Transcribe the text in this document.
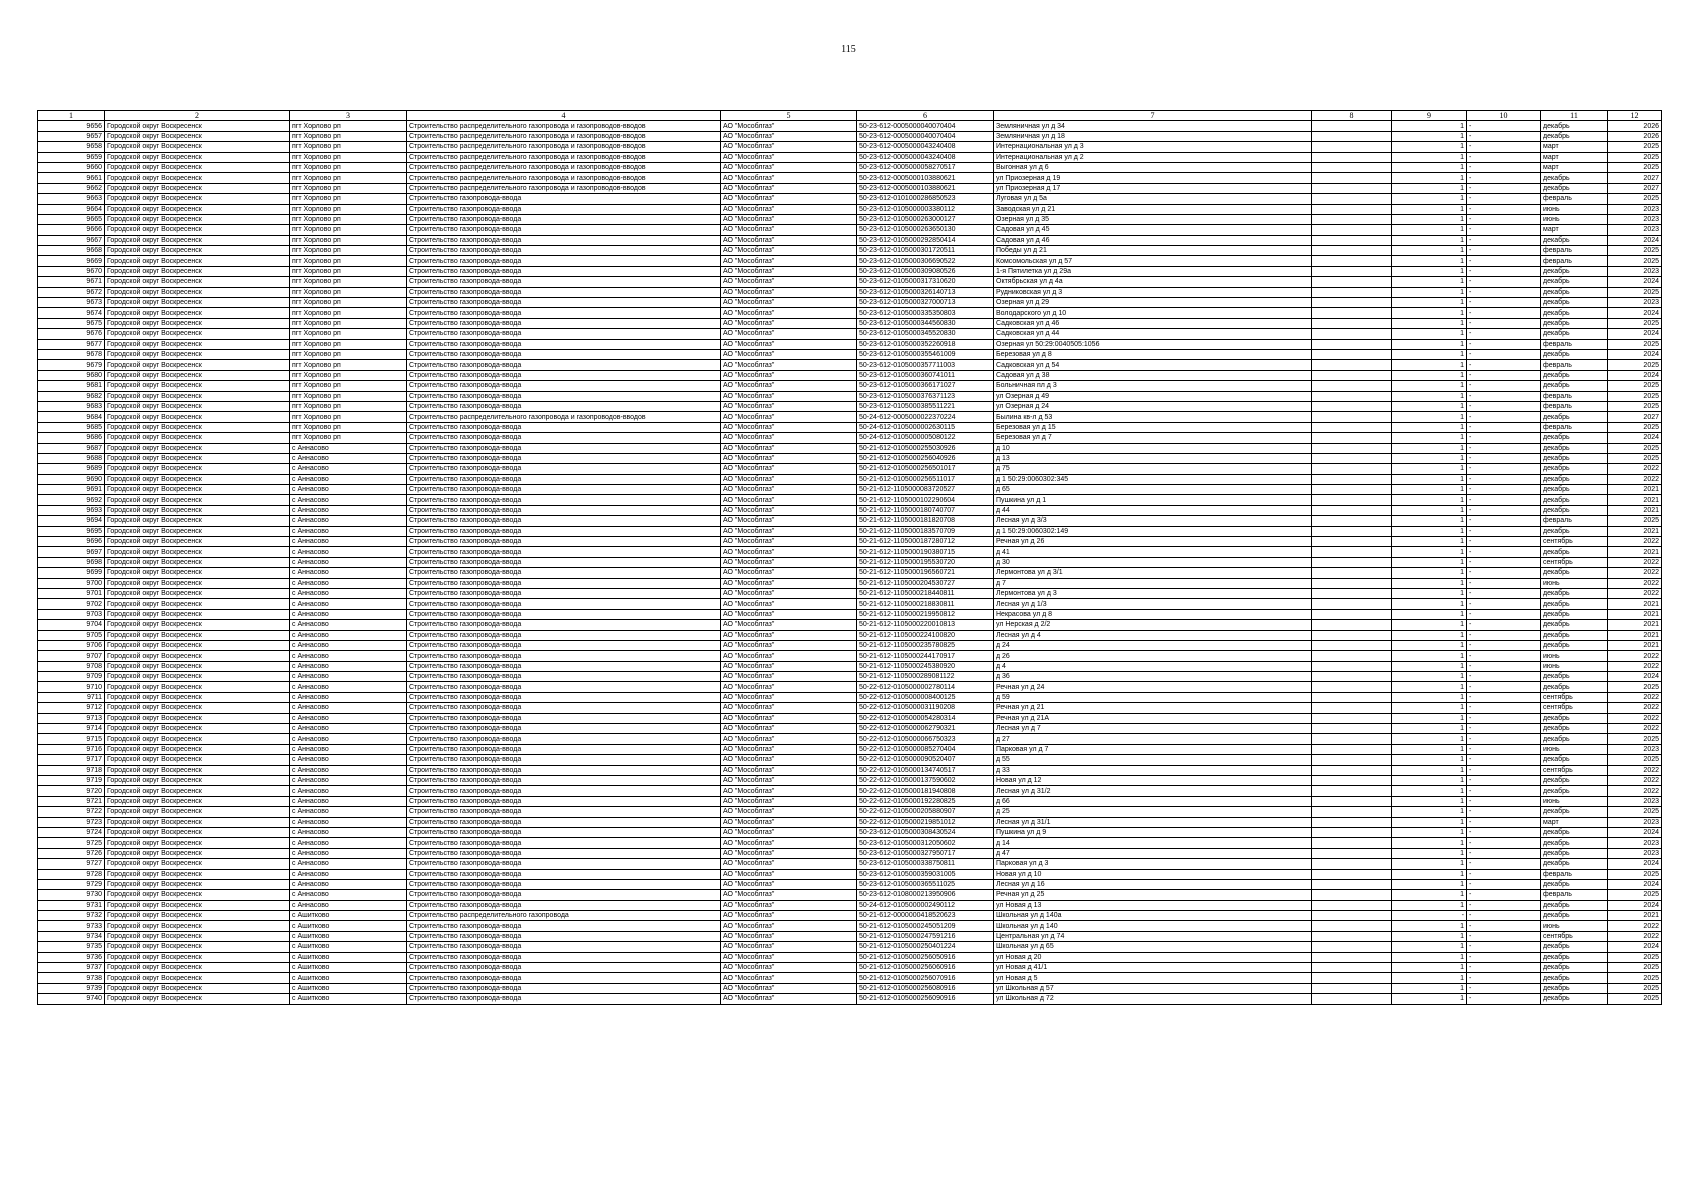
115
1	2	3	4	5	6	7	8	9	10	11	12
9656	Городской округ Воскресенск	пгт Хорлово рп	Строительство распределительного газопровода и газопроводов-вводов	АО "Мособлгаз"	50-23-612-0005000040070404	Земляничная ул д 34		1	-	декабрь	2026
9657	Городской округ Воскресенск	пгт Хорлово рп	Строительство распределительного газопровода и газопроводов-вводов	АО "Мособлгаз"	50-23-612-0005000040070404	Земляничная ул д 18		1	-	декабрь	2026
9658	Городской округ Воскресенск	пгт Хорлово рп	Строительство распределительного газопровода и газопроводов-вводов	АО "Мособлгаз"	50-23-612-0005000043240408	Интернациональная ул д 3		1	-	март	2025
9659	Городской округ Воскресенск	пгт Хорлово рп	Строительство распределительного газопровода и газопроводов-вводов	АО "Мособлгаз"	50-23-612-0005000043240408	Интернациональная ул д 2		1	-	март	2025
9660	Городской округ Воскресенск	пгт Хорлово рп	Строительство распределительного газопровода и газопроводов-вводов	АО "Мособлгаз"	50-23-612-0005000058270517	Выгонная ул д 6		1	-	март	2025
9661	Городской округ Воскресенск	пгт Хорлово рп	Строительство распределительного газопровода и газопроводов-вводов	АО "Мособлгаз"	50-23-612-0005000103880621	ул Приозерная д 19		1	-	декабрь	2027
9662	Городской округ Воскресенск	пгт Хорлово рп	Строительство распределительного газопровода и газопроводов-вводов	АО "Мособлгаз"	50-23-612-0005000103880621	ул Приозерная д 17		1	-	декабрь	2027
9663	Городской округ Воскресенск	пгт Хорлово рп	Строительство газопровода-ввода	АО "Мособлгаз"	50-23-612-0101000286850523	Луговая ул д 5а		1	-	февраль	2025
9664	Городской округ Воскресенск	пгт Хорлово рп	Строительство газопровода-ввода	АО "Мособлгаз"	50-23-612-0105000003380112	Заводская ул д 21		1	-	июнь	2023
9665	Городской округ Воскресенск	пгт Хорлово рп	Строительство газопровода-ввода	АО "Мособлгаз"	50-23-612-0105000263000127	Озерная ул д 35		1	-	июнь	2023
9666	Городской округ Воскресенск	пгт Хорлово рп	Строительство газопровода-ввода	АО "Мособлгаз"	50-23-612-0105000263650130	Садовая ул д 45		1	-	март	2023
9667	Городской округ Воскресенск	пгт Хорлово рп	Строительство газопровода-ввода	АО "Мособлгаз"	50-23-612-0105000292850414	Садовая ул д 46		1	-	декабрь	2024
9668	Городской округ Воскресенск	пгт Хорлово рп	Строительство газопровода-ввода	АО "Мособлгаз"	50-23-612-0105000301720511	Победы ул д 21		1	-	февраль	2025
9669	Городской округ Воскресенск	пгт Хорлово рп	Строительство газопровода-ввода	АО "Мособлгаз"	50-23-612-0105000306690522	Комсомольская ул д 57		1	-	февраль	2025
9670	Городской округ Воскресенск	пгт Хорлово рп	Строительство газопровода-ввода	АО "Мособлгаз"	50-23-612-0105000309080526	1-я Пятилетка ул д 29а		1	-	декабрь	2023
9671	Городской округ Воскресенск	пгт Хорлово рп	Строительство газопровода-ввода	АО "Мособлгаз"	50-23-612-0105000317310620	Октябрьская ул д 4а		1	-	декабрь	2024
9672	Городской округ Воскресенск	пгт Хорлово рп	Строительство газопровода-ввода	АО "Мособлгаз"	50-23-612-0105000326140713	Рудниковская ул д 3		1	-	декабрь	2025
9673	Городской округ Воскресенск	пгт Хорлово рп	Строительство газопровода-ввода	АО "Мособлгаз"	50-23-612-0105000327000713	Озерная ул д 29		1	-	декабрь	2023
9674	Городской округ Воскресенск	пгт Хорлово рп	Строительство газопровода-ввода	АО "Мособлгаз"	50-23-612-0105000335350803	Володарского ул д 10		1	-	декабрь	2024
9675	Городской округ Воскресенск	пгт Хорлово рп	Строительство газопровода-ввода	АО "Мособлгаз"	50-23-612-0105000344560830	Садковская ул д 46		1	-	декабрь	2025
9676	Городской округ Воскресенск	пгт Хорлово рп	Строительство газопровода-ввода	АО "Мособлгаз"	50-23-612-0105000345520830	Садковская ул д 44		1	-	декабрь	2024
9677	Городской округ Воскресенск	пгт Хорлово рп	Строительство газопровода-ввода	АО "Мособлгаз"	50-23-612-0105000352260918	Озерная ул 50:29:0040505:1056		1	-	февраль	2025
9678	Городской округ Воскресенск	пгт Хорлово рп	Строительство газопровода-ввода	АО "Мособлгаз"	50-23-612-0105000355461009	Березовая ул д 8		1	-	декабрь	2024
9679	Городской округ Воскресенск	пгт Хорлово рп	Строительство газопровода-ввода	АО "Мособлгаз"	50-23-612-0105000357711003	Садковская ул д 54		1	-	февраль	2025
9680	Городской округ Воскресенск	пгт Хорлово рп	Строительство газопровода-ввода	АО "Мособлгаз"	50-23-612-0105000360741011	Садовая ул д 38		1	-	декабрь	2024
9681	Городской округ Воскресенск	пгт Хорлово рп	Строительство газопровода-ввода	АО "Мособлгаз"	50-23-612-0105000366171027	Больничная пл д 3		1	-	декабрь	2025
9682	Городской округ Воскресенск	пгт Хорлово рп	Строительство газопровода-ввода	АО "Мособлгаз"	50-23-612-0105000376371123	ул Озерная д 49		1	-	февраль	2025
9683	Городской округ Воскресенск	пгт Хорлово рп	Строительство газопровода-ввода	АО "Мособлгаз"	50-23-612-0105000385511221	ул Озерная д 24		1	-	февраль	2025
9684	Городской округ Воскресенск	пгт Хорлово рп	Строительство распределительного газопровода и газопроводов-вводов	АО "Мособлгаз"	50-24-612-0005000022370224	Былина кв-л д 53		1	-	декабрь	2027
9685	Городской округ Воскресенск	пгт Хорлово рп	Строительство газопровода-ввода	АО "Мособлгаз"	50-24-612-0105000002630115	Березовая ул д 15		1	-	февраль	2025
9686	Городской округ Воскресенск	пгт Хорлово рп	Строительство газопровода-ввода	АО "Мособлгаз"	50-24-612-0105000005080122	Березовая ул д 7		1	-	декабрь	2024
9687	Городской округ Воскресенск	с Аннасово	Строительство газопровода-ввода	АО "Мособлгаз"	50-21-612-0105000255030926	д 10		1	-	декабрь	2025
9688	Городской округ Воскресенск	с Аннасово	Строительство газопровода-ввода	АО "Мособлгаз"	50-21-612-0105000256040926	д 13		1	-	декабрь	2025
9689	Городской округ Воскресенск	с Аннасово	Строительство газопровода-ввода	АО "Мособлгаз"	50-21-612-0105000256501017	д 75		1	-	декабрь	2022
9690	Городской округ Воскресенск	с Аннасово	Строительство газопровода-ввода	АО "Мособлгаз"	50-21-612-0105000256511017	д 1 50:29:0060302:345		1	-	декабрь	2022
9691	Городской округ Воскресенск	с Аннасово	Строительство газопровода-ввода	АО "Мособлгаз"	50-21-612-1105000083720527	д 65		1	-	декабрь	2021
9692	Городской округ Воскресенск	с Аннасово	Строительство газопровода-ввода	АО "Мособлгаз"	50-21-612-1105000102290604	Пушкина ул д 1		1	-	декабрь	2021
9693	Городской округ Воскресенск	с Аннасово	Строительство газопровода-ввода	АО "Мособлгаз"	50-21-612-1105000180740707	д 44		1	-	декабрь	2021
9694	Городской округ Воскресенск	с Аннасово	Строительство газопровода-ввода	АО "Мособлгаз"	50-21-612-1105000181820708	Лесная ул д 3/3		1	-	февраль	2025
9695	Городской округ Воскресенск	с Аннасово	Строительство газопровода-ввода	АО "Мособлгаз"	50-21-612-1105000183570709	д 1 50:29:0060302:149		1	-	декабрь	2021
9696	Городской округ Воскресенск	с Аннасово	Строительство газопровода-ввода	АО "Мособлгаз"	50-21-612-1105000187280712	Речная ул д 26		1	-	сентябрь	2022
9697	Городской округ Воскресенск	с Аннасово	Строительство газопровода-ввода	АО "Мособлгаз"	50-21-612-1105000190380715	д 41		1	-	декабрь	2021
9698	Городской округ Воскресенск	с Аннасово	Строительство газопровода-ввода	АО "Мособлгаз"	50-21-612-1105000195530720	д 30		1	-	сентябрь	2022
9699	Городской округ Воскресенск	с Аннасово	Строительство газопровода-ввода	АО "Мособлгаз"	50-21-612-1105000196560721	Лермонтова ул д 3/1		1	-	декабрь	2022
9700	Городской округ Воскресенск	с Аннасово	Строительство газопровода-ввода	АО "Мособлгаз"	50-21-612-1105000204530727	д 7		1	-	июнь	2022
9701	Городской округ Воскресенск	с Аннасово	Строительство газопровода-ввода	АО "Мособлгаз"	50-21-612-1105000218440811	Лермонтова ул д 3		1	-	декабрь	2022
9702	Городской округ Воскресенск	с Аннасово	Строительство газопровода-ввода	АО "Мособлгаз"	50-21-612-1105000218830811	Лесная ул д 1/3		1	-	декабрь	2021
9703	Городской округ Воскресенск	с Аннасово	Строительство газопровода-ввода	АО "Мособлгаз"	50-21-612-1105000219950812	Некрасова ул д 8		1	-	декабрь	2021
9704	Городской округ Воскресенск	с Аннасово	Строительство газопровода-ввода	АО "Мособлгаз"	50-21-612-1105000220010813	ул Нерская д 2/2		1	-	декабрь	2021
9705	Городской округ Воскресенск	с Аннасово	Строительство газопровода-ввода	АО "Мособлгаз"	50-21-612-1105000224100820	Лесная ул д 4		1	-	декабрь	2021
9706	Городской округ Воскресенск	с Аннасово	Строительство газопровода-ввода	АО "Мособлгаз"	50-21-612-1105000235780825	д 24		1	-	декабрь	2021
9707	Городской округ Воскресенск	с Аннасово	Строительство газопровода-ввода	АО "Мособлгаз"	50-21-612-1105000244170917	д 26		1	-	июнь	2022
9708	Городской округ Воскресенск	с Аннасово	Строительство газопровода-ввода	АО "Мособлгаз"	50-21-612-1105000245380920	д 4		1	-	июнь	2022
9709	Городской округ Воскресенск	с Аннасово	Строительство газопровода-ввода	АО "Мособлгаз"	50-21-612-1105000289081122	д 36		1	-	декабрь	2024
9710	Городской округ Воскресенск	с Аннасово	Строительство газопровода-ввода	АО "Мособлгаз"	50-22-612-0105000002780114	Речная ул д 24		1	-	декабрь	2025
9711	Городской округ Воскресенск	с Аннасово	Строительство газопровода-ввода	АО "Мособлгаз"	50-22-612-0105000008400125	д 59		1	-	сентябрь	2022
9712	Городской округ Воскресенск	с Аннасово	Строительство газопровода-ввода	АО "Мособлгаз"	50-22-612-0105000031190208	Речная ул д 21		1	-	сентябрь	2022
9713	Городской округ Воскресенск	с Аннасово	Строительство газопровода-ввода	АО "Мособлгаз"	50-22-612-0105000054280314	Речная ул д 21А		1	-	декабрь	2022
9714	Городской округ Воскресенск	с Аннасово	Строительство газопровода-ввода	АО "Мособлгаз"	50-22-612-0105000062790321	Лесная ул д 7		1	-	декабрь	2022
9715	Городской округ Воскресенск	с Аннасово	Строительство газопровода-ввода	АО "Мособлгаз"	50-22-612-0105000066750323	д 27		1	-	декабрь	2025
9716	Городской округ Воскресенск	с Аннасово	Строительство газопровода-ввода	АО "Мособлгаз"	50-22-612-0105000085270404	Парковая ул д 7		1	-	июнь	2023
9717	Городской округ Воскресенск	с Аннасово	Строительство газопровода-ввода	АО "Мособлгаз"	50-22-612-0105000090520407	д 55		1	-	декабрь	2025
9718	Городской округ Воскресенск	с Аннасово	Строительство газопровода-ввода	АО "Мособлгаз"	50-22-612-0105000134740517	д 33		1	-	сентябрь	2022
9719	Городской округ Воскресенск	с Аннасово	Строительство газопровода-ввода	АО "Мособлгаз"	50-22-612-0105000137590602	Новая ул д 12		1	-	декабрь	2022
9720	Городской округ Воскресенск	с Аннасово	Строительство газопровода-ввода	АО "Мособлгаз"	50-22-612-0105000181940808	Лесная ул д 31/2		1	-	декабрь	2022
9721	Городской округ Воскресенск	с Аннасово	Строительство газопровода-ввода	АО "Мособлгаз"	50-22-612-0105000192280825	д 66		1	-	июнь	2023
9722	Городской округ Воскресенск	с Аннасово	Строительство газопровода-ввода	АО "Мособлгаз"	50-22-612-0105000205880907	д 25		1	-	декабрь	2025
9723	Городской округ Воскресенск	с Аннасово	Строительство газопровода-ввода	АО "Мособлгаз"	50-22-612-0105000219851012	Лесная ул д 31/1		1	-	март	2023
9724	Городской округ Воскресенск	с Аннасово	Строительство газопровода-ввода	АО "Мособлгаз"	50-23-612-0105000308430524	Пушкина ул д 9		1	-	декабрь	2024
9725	Городской округ Воскресенск	с Аннасово	Строительство газопровода-ввода	АО "Мособлгаз"	50-23-612-0105000312050602	д 14		1	-	декабрь	2023
9726	Городской округ Воскресенск	с Аннасово	Строительство газопровода-ввода	АО "Мособлгаз"	50-23-612-0105000327950717	д 47		1	-	декабрь	2023
9727	Городской округ Воскресенск	с Аннасово	Строительство газопровода-ввода	АО "Мособлгаз"	50-23-612-0105000338750811	Парковая ул д 3		1	-	декабрь	2024
9728	Городской округ Воскресенск	с Аннасово	Строительство газопровода-ввода	АО "Мособлгаз"	50-23-612-0105000359031005	Новая ул д 10		1	-	февраль	2025
9729	Городской округ Воскресенск	с Аннасово	Строительство газопровода-ввода	АО "Мособлгаз"	50-23-612-0105000365511025	Лесная ул д 16		1	-	декабрь	2024
9730	Городской округ Воскресенск	с Аннасово	Строительство газопровода-ввода	АО "Мособлгаз"	50-23-612-0108000213950906	Речная ул д 25		1	-	февраль	2025
9731	Городской округ Воскресенск	с Аннасово	Строительство газопровода-ввода	АО "Мособлгаз"	50-24-612-0105000002490112	ул Новая д 13		1	-	декабрь	2024
9732	Городской округ Воскресенск	с Ашитково	Строительство распределительного газопровода	АО "Мособлгаз"	50-21-612-0000000418520623	Школьная ул д 140а		-	-	декабрь	2021
9733	Городской округ Воскресенск	с Ашитково	Строительство газопровода-ввода	АО "Мособлгаз"	50-21-612-0105000245051209	Школьная ул д 140		1	-	июнь	2022
9734	Городской округ Воскресенск	с Ашитково	Строительство газопровода-ввода	АО "Мособлгаз"	50-21-612-0105000247591216	Центральная ул д 74		1	-	сентябрь	2022
9735	Городской округ Воскресенск	с Ашитково	Строительство газопровода-ввода	АО "Мособлгаз"	50-21-612-0105000250401224	Школьная ул д 65		1	-	декабрь	2024
9736	Городской округ Воскресенск	с Ашитково	Строительство газопровода-ввода	АО "Мособлгаз"	50-21-612-0105000256050916	ул Новая д 20		1	-	декабрь	2025
9737	Городской округ Воскресенск	с Ашитково	Строительство газопровода-ввода	АО "Мособлгаз"	50-21-612-0105000256060916	ул Новая д 41/1		1	-	декабрь	2025
9738	Городской округ Воскресенск	с Ашитково	Строительство газопровода-ввода	АО "Мособлгаз"	50-21-612-0105000256070916	ул Новая д 5		1	-	декабрь	2025
9739	Городской округ Воскресенск	с Ашитково	Строительство газопровода-ввода	АО "Мособлгаз"	50-21-612-0105000256080916	ул Школьная д 57		1	-	декабрь	2025
9740	Городской округ Воскресенск	с Ашитково	Строительство газопровода-ввода	АО "Мособлгаз"	50-21-612-0105000256090916	ул Школьная д 72		1	-	декабрь	2025
